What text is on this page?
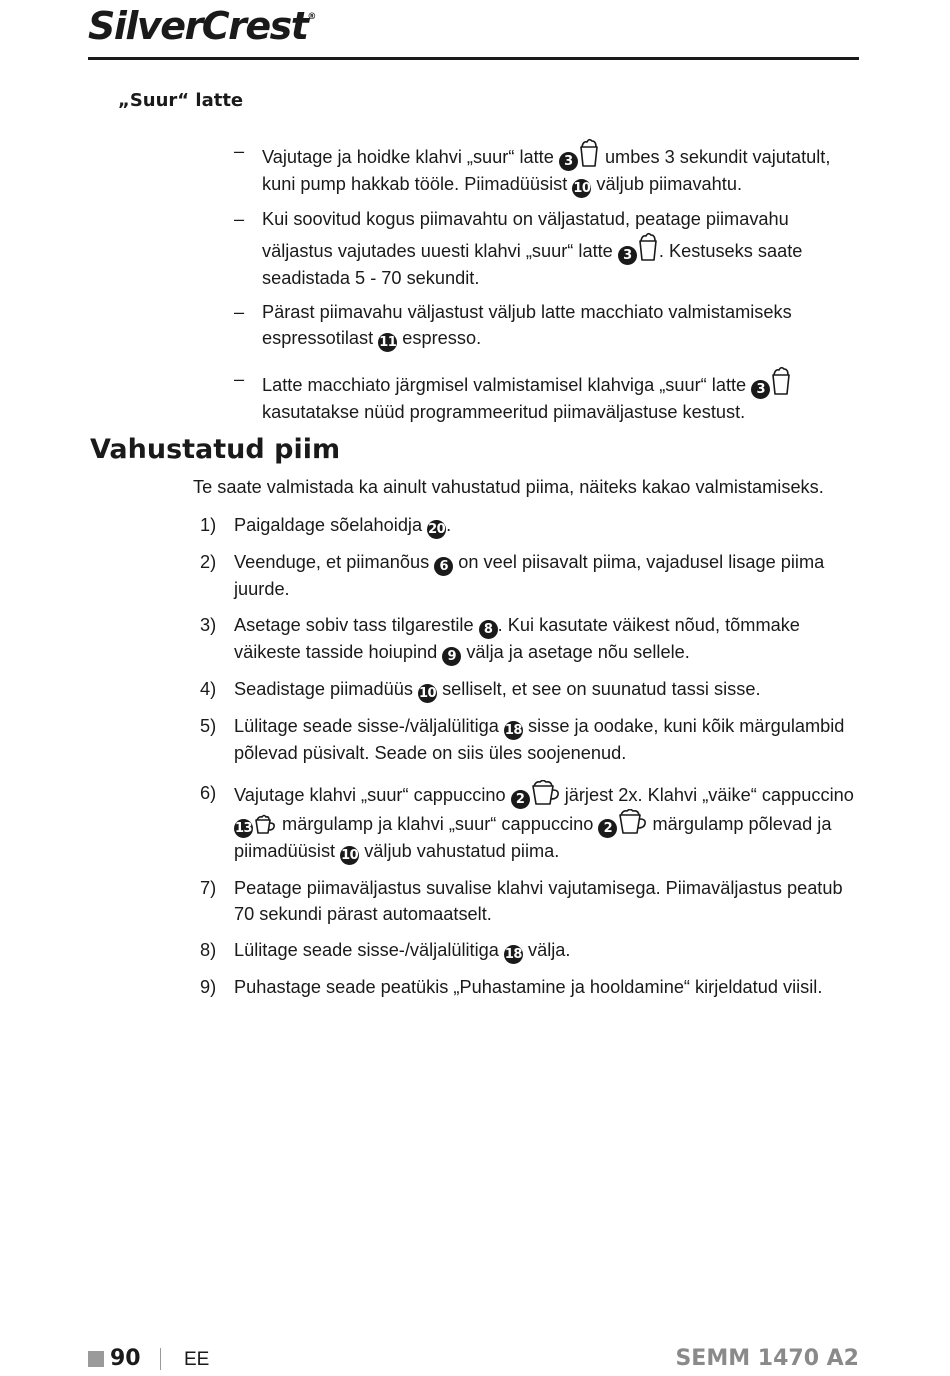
SilverCrest®
„Suur“ latte
– Vajutage ja hoidke klahvi „suur“ latte 3 umbes 3 sekundit vajutatult, kuni pump hakkab tööle. Piimadüüsist 10 väljub piimavahtu.
– Kui soovitud kogus piimavahtu on väljastatud, peatage piimavahu väljastus vajutades uuesti klahvi „suur“ latte 3 . Kestuseks saate seadistada 5 - 70 sekundit.
– Pärast piimavahu väljastust väljub latte macchiato valmistamiseks espressotilast 11 espresso.
– Latte macchiato järgmisel valmistamisel klahviga „suur“ latte 3 kasutatakse nüüd programmeeritud piimaväljastuse kestust.
Vahustatud piim
Te saate valmistada ka ainult vahustatud piima, näiteks kakao valmistamiseks.
1) Paigaldage sõelahoidja 20.
2) Veenduge, et piimanõus 6 on veel piisavalt piima, vajadusel lisage piima juurde.
3) Asetage sobiv tass tilgarestile 8 . Kui kasutate väikest nõud, tõmmake väikeste tasside hoiupind 9 välja ja asetage nõu sellele.
4) Seadistage piimadüüs 10 selliselt, et see on suunatud tassi sisse.
5) Lülitage seade sisse-/väljalülitiga 18 sisse ja oodake, kuni kõik märgulambid põlevad püsivalt. Seade on siis üles soojenenud.
6) Vajutage klahvi „suur“ cappuccino 2 järjest 2x. Klahvi „väike“ cappuccino 13 märgulamp ja klahvi „suur“ cappuccino 2 märgulamp põlevad ja piimadüüsist 10 väljub vahustatud piima.
7) Peatage piimaväljastus suvalise klahvi vajutamisega. Piimaväljastus peatub 70 sekundi pärast automaatselt.
8) Lülitage seade sisse-/väljalülitiga 18 välja.
9) Puhastage seade peatükis „Puhastamine ja hooldamine“ kirjeldatud viisil.
90 EE	SEMM 1470 A2
